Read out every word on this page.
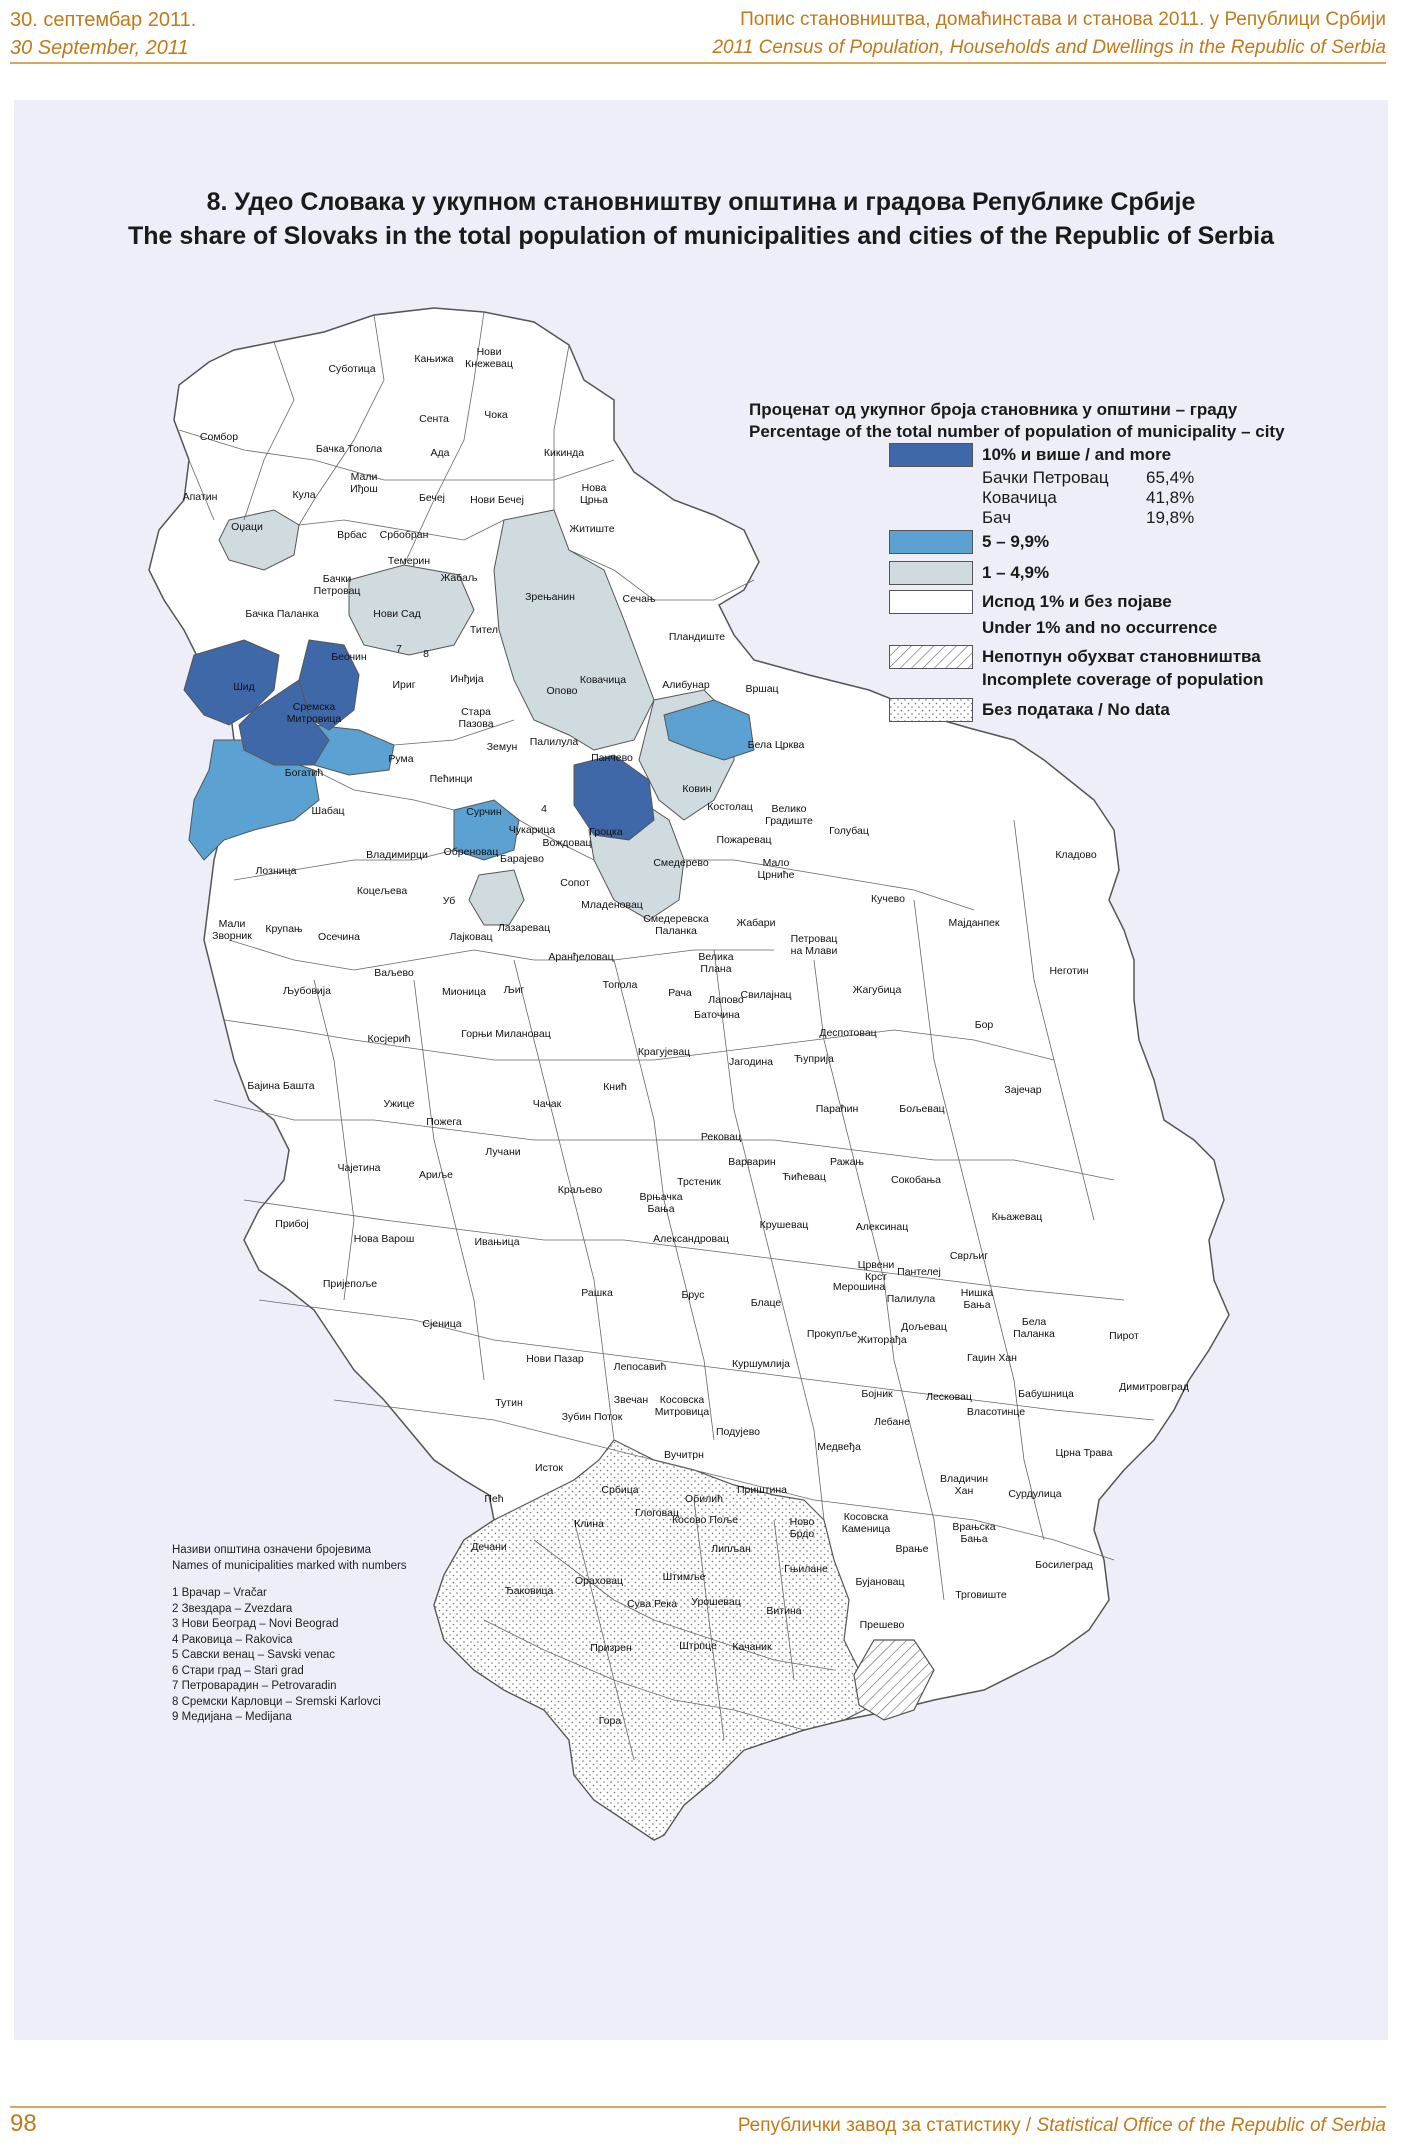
30. септембар 2011.
30 September, 2011
Попис становништва, домаћинстава и станова 2011. у Републици Србији
2011 Census of Population, Households and Dwellings in the Republic of Serbia
8. Удео Словака у укупном становништву општина и градова Републике Србије
The share of Slovaks in the total population of municipalities and cities of the Republic of Serbia
Суботица
Кањижа
Нови
Кнежевац
Сомбор
Бачка Топола
Сента	Чока
Кикинда
Ада
Мали
Иђош
Апатин	Кула	Бечеј Нови Бечеј
Нова
Црња
Оџаци
Врбас Србобран	Житиште
Темерин
Бач	Бачки
Петровац
Жабаљ
Зрењанин	Сечањ
Бачка Паланка	Нови Сад
Тител
Пландиште
Беочин
7 8
Шид	Ириг	Инђија
Опово
Ковачица	Алибунар	Вршац
Сремска
Митровица
Стара
Пазова
Земун Палилула
Панчево
Бела Црква
Богатић
Рума
Пећинци
Ковин
Сурчин
Шабац	4	Костолац Велико
Градиште
Чукарица	Гроцка
Вождовац	Пожаревац
Голубац
Кладово
Владимирци Обреновац
Барајево	Смедерево	Мало
Црниће
Лозница
Сопот
Коцељева
Уб	Младеновац	Кучево
Мајданпек
Мали
Зворник
Крупањ
Осечина	Лајковац
Лазаревац
Смедеревска
Паланка
Жабари
Петровац
на Млави
Неготин
Ваљево
Аранђеловац	Велика
Плана
Љубовија	Мионица Љиг	Топола
Рача	Свилајнац	Жагубица
Лапово
Баточина
Бор
Деспотовац
Косјерић	Горњи Милановац
Крагујевац
Јагодина Ћуприја
Зајечар
Бајина Башта	Кнић
Ужице	Чачак	Параћин	Бољевац
Пожега
Рековац
Лучани
Варварин	Ражањ
Чајетина
Ариље
Трстеник	Ћићевац	Сокобања
Краљево
Врњачка
Бања
Прибој	Крушевац	Алексинац
Књажевац
Нова Варош	Ивањица	Александровац
Сврљиг
Црвени
Крст Пантелеј
Пријепоље
Рашка	Брус
Блаце
Мерошина
Палилула Нишка
Бања
Сјеница	Бела
Паланка	Пирот
Прокупље
Дољевац
Житорађа
Нови Пазар
Лепосавић	Куршумлија	Гаџин Хан
Тутин
Бојник	Лесковац	Бабушница
Димитровград
Звечан Косовска
Митровица	Власотинце
Лебане
Зубин Поток
Подујево
Медвеђа	Црна Трава
Вучитрн
Исток
Србица
Обилић
Приштина
Владичин
Хан	Сурдулица
Пећ
Глоговац
Косово Поље	Косовска
Каменица
Клина	Ново
Брдо
Врањска
Бања
Дечани	Липљан	Врање
Босилеград
Ораховац	Штимље
Гњилане
Ђаковица
Бујановац
Трговиште
Сува Река Урошевац
Витина
Прешево
Призрен	Штрпце Качаник
Гора
Проценат од укупног броја становника у општини – граду
Percentage of the total number of population of municipality – city
10% и више / and more
Бачки Петровац 65,4%
Ковачица	41,8%
Бач	19,8%
5 – 9,9%
1 – 4,9%
Испод 1% и без појаве
Under 1% and no occurrence
Непотпун обухват становништва
Incomplete coverage of population
Без података / No data
Називи општина означени бројевима
Names of municipalities marked with numbers
1 Врачар – Vračar
2 Звездара – Zvezdara
3 Нови Београд – Novi Beograd
4 Раковица – Rakovica
5 Савски венац – Savski venac
6 Стари град – Stari grad
7 Петроварадин – Petrovaradin
8 Сремски Карловци – Sremski Karlovci
9 Медијана – Medijana
98	Републички завод за статистику / Statistical Office of the Republic of Serbia
